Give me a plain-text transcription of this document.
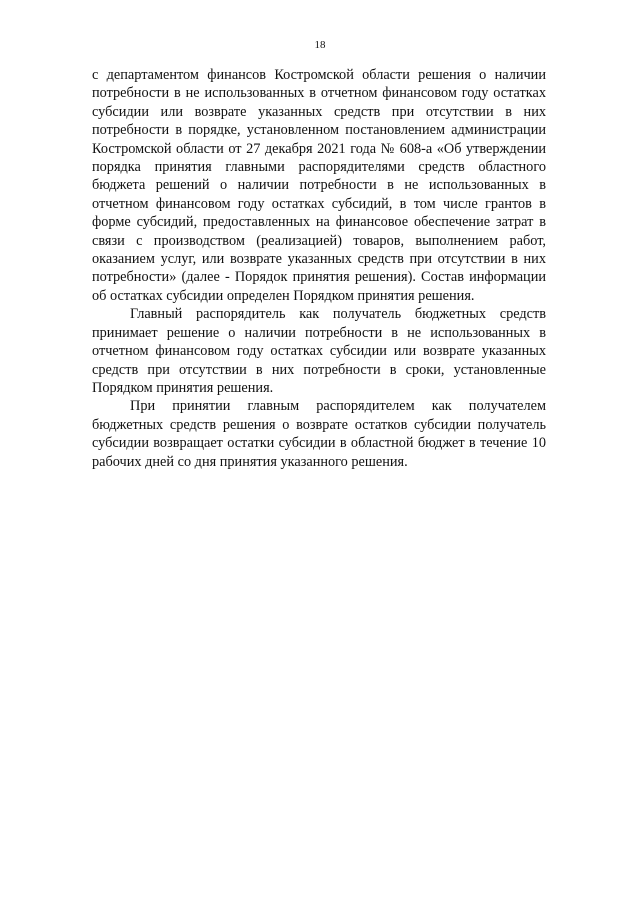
18

с департаментом финансов Костромской области решения о наличии потребности в не использованных в отчетном финансовом году остатках субсидии или возврате указанных средств при отсутствии в них потребности в порядке, установленном постановлением администрации Костромской области от 27 декабря 2021 года № 608-а «Об утверждении порядка принятия главными распорядителями средств областного бюджета решений о наличии потребности в не использованных в отчетном финансовом году остатках субсидий, в том числе грантов в форме субсидий, предоставленных на финансовое обеспечение затрат в связи с производством (реализацией) товаров, выполнением работ, оказанием услуг, или возврате указанных средств при отсутствии в них потребности» (далее - Порядок принятия решения). Состав информации об остатках субсидии определен Порядком принятия решения.

Главный распорядитель как получатель бюджетных средств принимает решение о наличии потребности в не использованных в отчетном финансовом году остатках субсидии или возврате указанных средств при отсутствии в них потребности в сроки, установленные Порядком принятия решения.

При принятии главным распорядителем как получателем бюджетных средств решения о возврате остатков субсидии получатель субсидии возвращает остатки субсидии в областной бюджет в течение 10 рабочих дней со дня принятия указанного решения.
